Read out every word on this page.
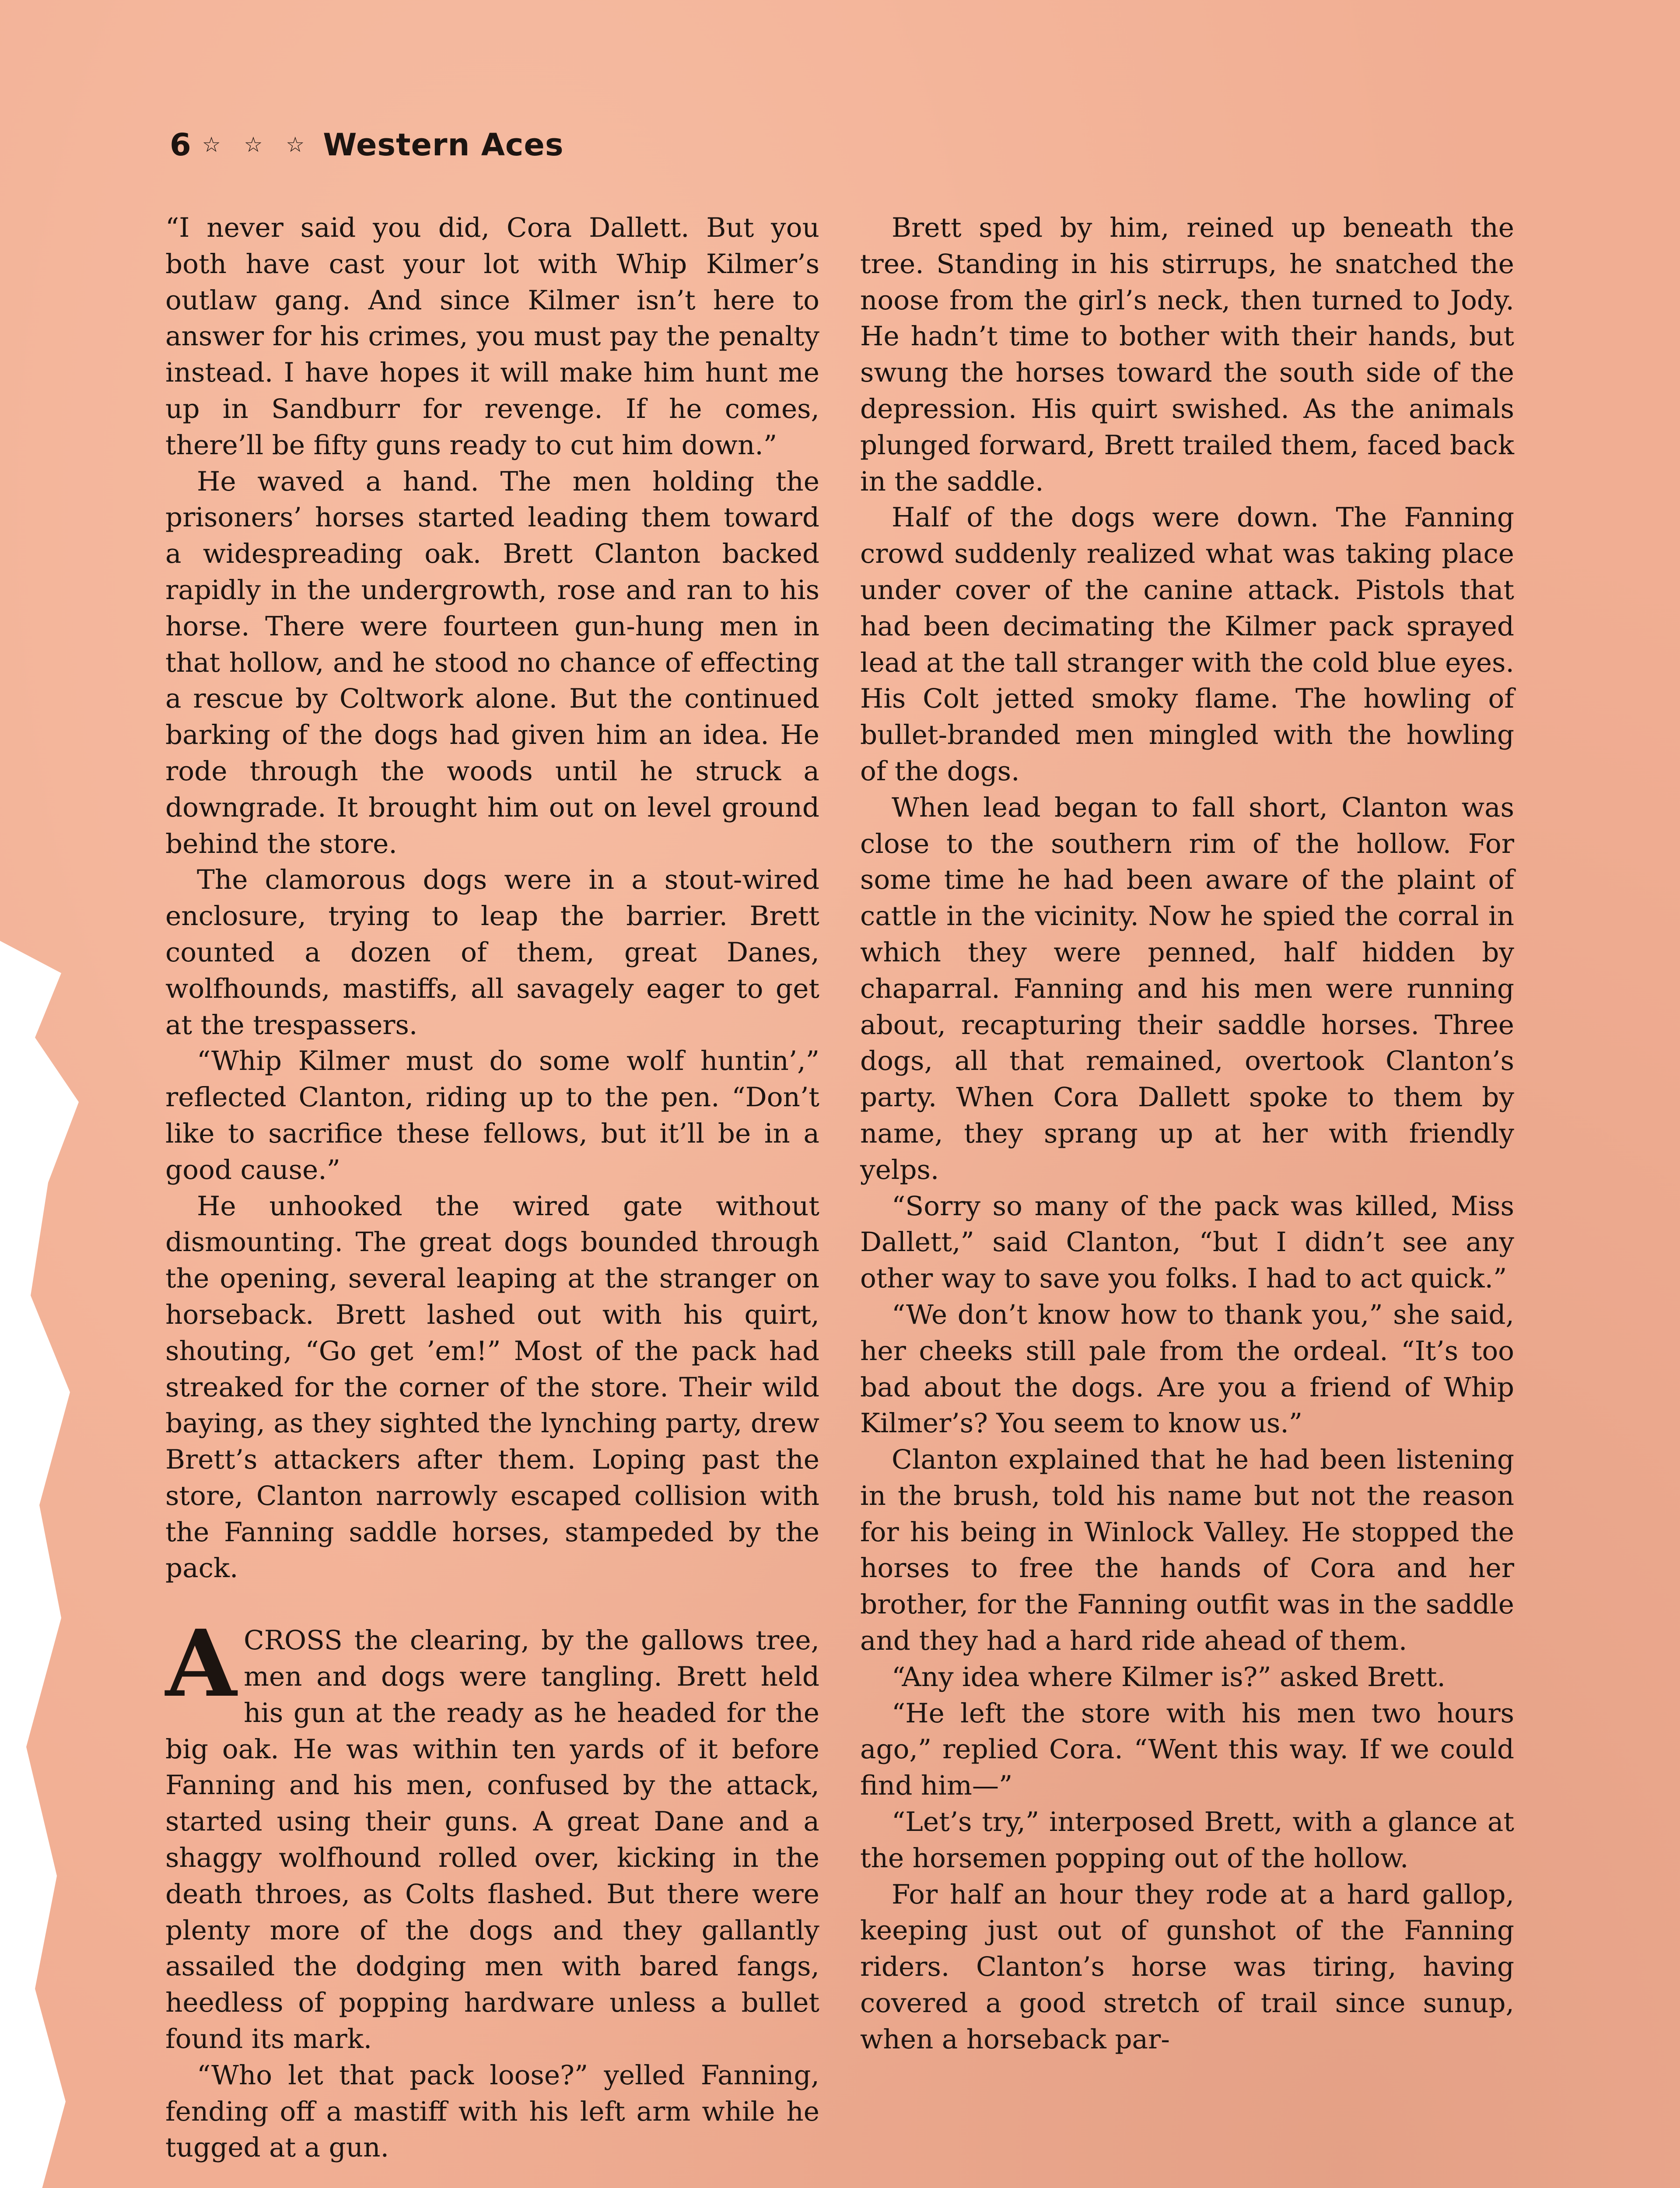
6 ☆ ☆ ☆ Western Aces

“I never said you did, Cora Dallett. But you both have cast your lot with Whip Kilmer’s outlaw gang. And since Kilmer isn’t here to answer for his crimes, you must pay the penalty instead. I have hopes it will make him hunt me up in Sandburr for revenge. If he comes, there’ll be fifty guns ready to cut him down.”

He waved a hand. The men holding the prisoners’ horses started leading them toward a widespreading oak. Brett Clanton backed rapidly in the undergrowth, rose and ran to his horse. There were fourteen gun-hung men in that hollow, and he stood no chance of effecting a rescue by Coltwork alone. But the continued barking of the dogs had given him an idea. He rode through the woods until he struck a downgrade. It brought him out on level ground behind the store.

The clamorous dogs were in a stout-wired enclosure, trying to leap the barrier. Brett counted a dozen of them, great Danes, wolfhounds, mastiffs, all savagely eager to get at the trespassers.

“Whip Kilmer must do some wolf huntin’,” reflected Clanton, riding up to the pen. “Don’t like to sacrifice these fellows, but it’ll be in a good cause.”

He unhooked the wired gate without dismounting. The great dogs bounded through the opening, several leaping at the stranger on horseback. Brett lashed out with his quirt, shouting, “Go get ’em!” Most of the pack had streaked for the corner of the store. Their wild baying, as they sighted the lynching party, drew Brett’s attackers after them. Loping past the store, Clanton narrowly escaped collision with the Fanning saddle horses, stampeded by the pack.

ACROSS the clearing, by the gallows tree, men and dogs were tangling. Brett held his gun at the ready as he headed for the big oak. He was within ten yards of it before Fanning and his men, confused by the attack, started using their guns. A great Dane and a shaggy wolfhound rolled over, kicking in the death throes, as Colts flashed. But there were plenty more of the dogs and they gallantly assailed the dodging men with bared fangs, heedless of popping hardware unless a bullet found its mark.

“Who let that pack loose?” yelled Fanning, fending off a mastiff with his left arm while he tugged at a gun.

Brett sped by him, reined up beneath the tree. Standing in his stirrups, he snatched the noose from the girl’s neck, then turned to Jody. He hadn’t time to bother with their hands, but swung the horses toward the south side of the depression. His quirt swished. As the animals plunged forward, Brett trailed them, faced back in the saddle.

Half of the dogs were down. The Fanning crowd suddenly realized what was taking place under cover of the canine attack. Pistols that had been decimating the Kilmer pack sprayed lead at the tall stranger with the cold blue eyes. His Colt jetted smoky flame. The howling of bullet-branded men mingled with the howling of the dogs.

When lead began to fall short, Clanton was close to the southern rim of the hollow. For some time he had been aware of the plaint of cattle in the vicinity. Now he spied the corral in which they were penned, half hidden by chaparral. Fanning and his men were running about, recapturing their saddle horses. Three dogs, all that remained, overtook Clanton’s party. When Cora Dallett spoke to them by name, they sprang up at her with friendly yelps.

“Sorry so many of the pack was killed, Miss Dallett,” said Clanton, “but I didn’t see any other way to save you folks. I had to act quick.”

“We don’t know how to thank you,” she said, her cheeks still pale from the ordeal. “It’s too bad about the dogs. Are you a friend of Whip Kilmer’s? You seem to know us.”

Clanton explained that he had been listening in the brush, told his name but not the reason for his being in Winlock Valley. He stopped the horses to free the hands of Cora and her brother, for the Fanning outfit was in the saddle and they had a hard ride ahead of them.

“Any idea where Kilmer is?” asked Brett.

“He left the store with his men two hours ago,” replied Cora. “Went this way. If we could find him—”

“Let’s try,” interposed Brett, with a glance at the horsemen popping out of the hollow.

For half an hour they rode at a hard gallop, keeping just out of gunshot of the Fanning riders. Clanton’s horse was tiring, having covered a good stretch of trail since sunup, when a horseback par-
